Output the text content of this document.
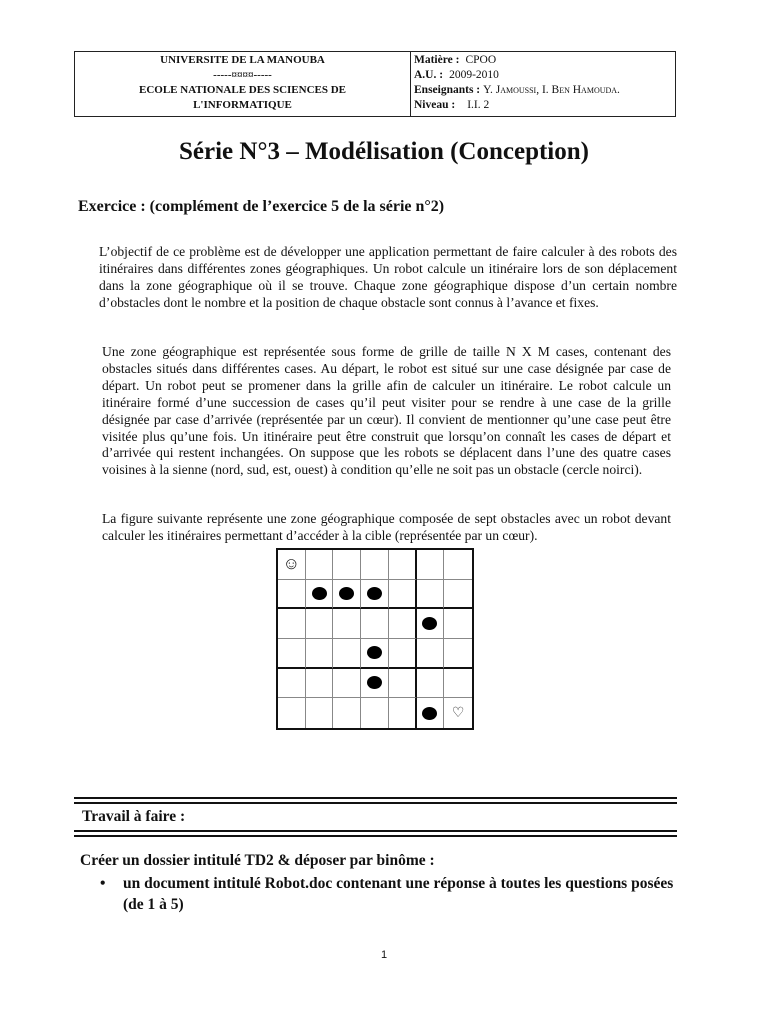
UNIVERSITE DE LA MANOUBA
-----¤¤¤¤-----
ECOLE NATIONALE DES SCIENCES DE
L'INFORMATIQUE
Matière : CPOO
A.U. : 2009-2010
Enseignants : Y. Jamoussi, I. Ben Hamouda.
Niveau : I.I. 2
Série N°3 – Modélisation (Conception)
Exercice : (complément de l’exercice 5 de la série n°2)
L’objectif de ce problème est de développer une application permettant de faire calculer à des robots des itinéraires dans différentes zones géographiques. Un robot calcule un itinéraire lors de son déplacement dans la zone géographique où il se trouve. Chaque zone géographique dispose d’un certain nombre d’obstacles dont le nombre et la position de chaque obstacle sont connus à l’avance et fixes.
Une zone géographique est représentée sous forme de grille de taille N X M cases, contenant des obstacles situés dans différentes cases. Au départ, le robot est situé sur une case désignée par case de départ. Un robot peut se promener dans la grille afin de calculer un itinéraire. Le robot calcule un itinéraire formé d’une succession de cases qu’il peut visiter pour se rendre à une case de la grille désignée par case d’arrivée (représentée par un cœur). Il convient de mentionner qu’une case peut être visitée plus qu’une fois. Un itinéraire peut être construit que lorsqu’on connaît les cases de départ et d’arrivée qui restent inchangées. On suppose que les robots se déplacent dans l’une des quatre cases voisines à la sienne (nord, sud, est, ouest) à condition qu’elle ne soit pas un obstacle (cercle noirci).
La figure suivante représente une zone géographique composée de sept obstacles avec un robot devant calculer les itinéraires permettant d’accéder à la cible (représentée par un cœur).
☺
♡
Travail à faire :
Créer un dossier intitulé TD2 & déposer par binôme :
• un document intitulé Robot.doc contenant une réponse à toutes les questions posées (de 1 à 5)
1
